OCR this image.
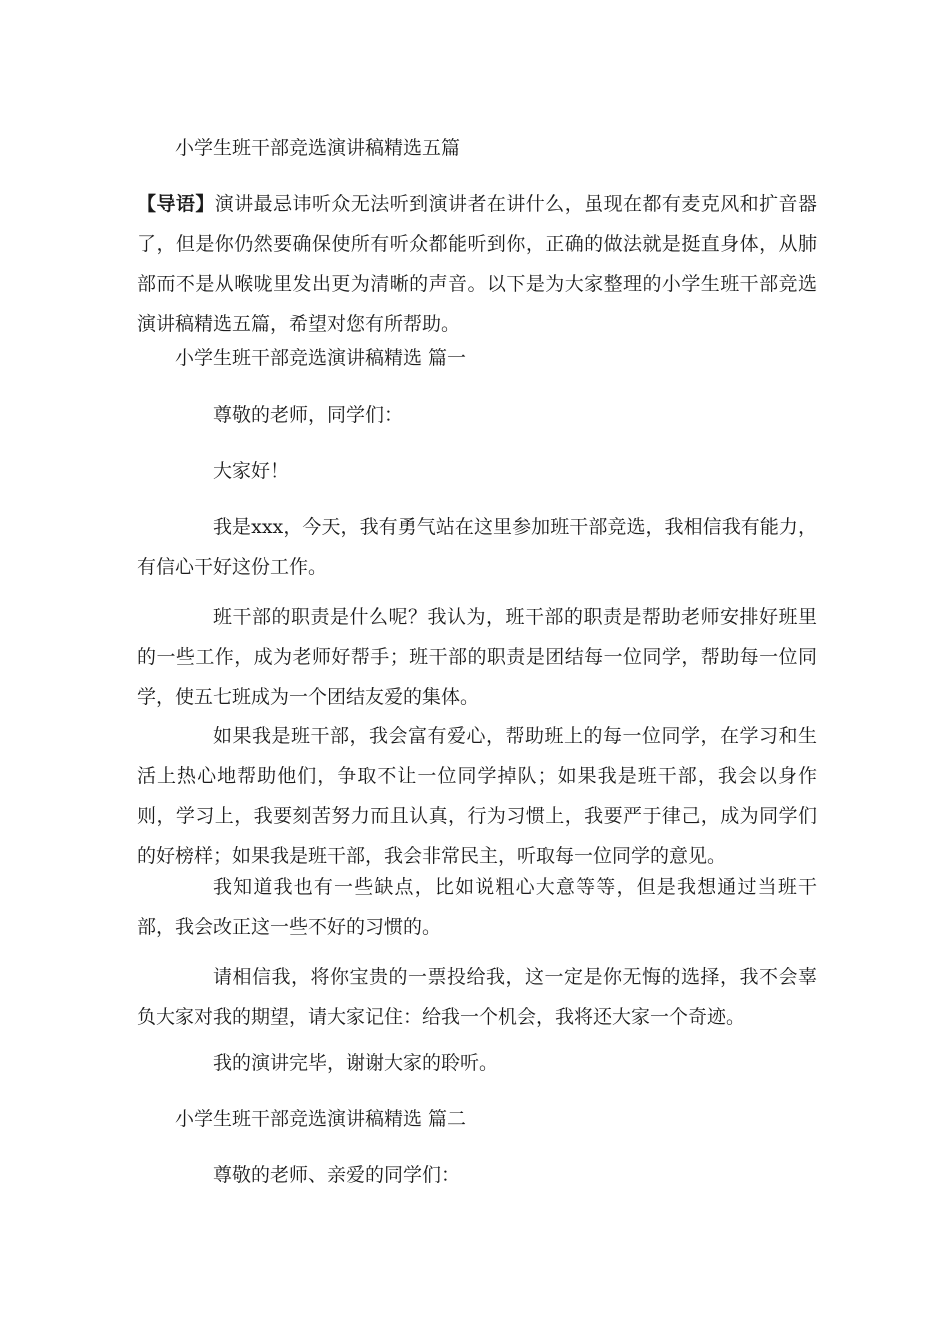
小学生班干部竞选演讲稿精选五篇

【导语】演讲最忌讳听众无法听到演讲者在讲什么，虽现在都有麦克风和扩音器了，但是你仍然要确保使所有听众都能听到你，正确的做法就是挺直身体，从肺部而不是从喉咙里发出更为清晰的声音。以下是为大家整理的小学生班干部竞选演讲稿精选五篇，希望对您有所帮助。

小学生班干部竞选演讲稿精选 篇一

尊敬的老师，同学们：

大家好！

我是xxx，今天，我有勇气站在这里参加班干部竞选，我相信我有能力，有信心干好这份工作。

班干部的职责是什么呢？我认为，班干部的职责是帮助老师安排好班里的一些工作，成为老师好帮手；班干部的职责是团结每一位同学，帮助每一位同学，使五七班成为一个团结友爱的集体。

如果我是班干部，我会富有爱心，帮助班上的每一位同学，在学习和生活上热心地帮助他们，争取不让一位同学掉队；如果我是班干部，我会以身作则，学习上，我要刻苦努力而且认真，行为习惯上，我要严于律己，成为同学们的好榜样；如果我是班干部，我会非常民主，听取每一位同学的意见。

我知道我也有一些缺点，比如说粗心大意等等，但是我想通过当班干部，我会改正这一些不好的习惯的。

请相信我，将你宝贵的一票投给我，这一定是你无悔的选择，我不会辜负大家对我的期望，请大家记住：给我一个机会，我将还大家一个奇迹。

我的演讲完毕，谢谢大家的聆听。

小学生班干部竞选演讲稿精选 篇二

尊敬的老师、亲爱的同学们：
